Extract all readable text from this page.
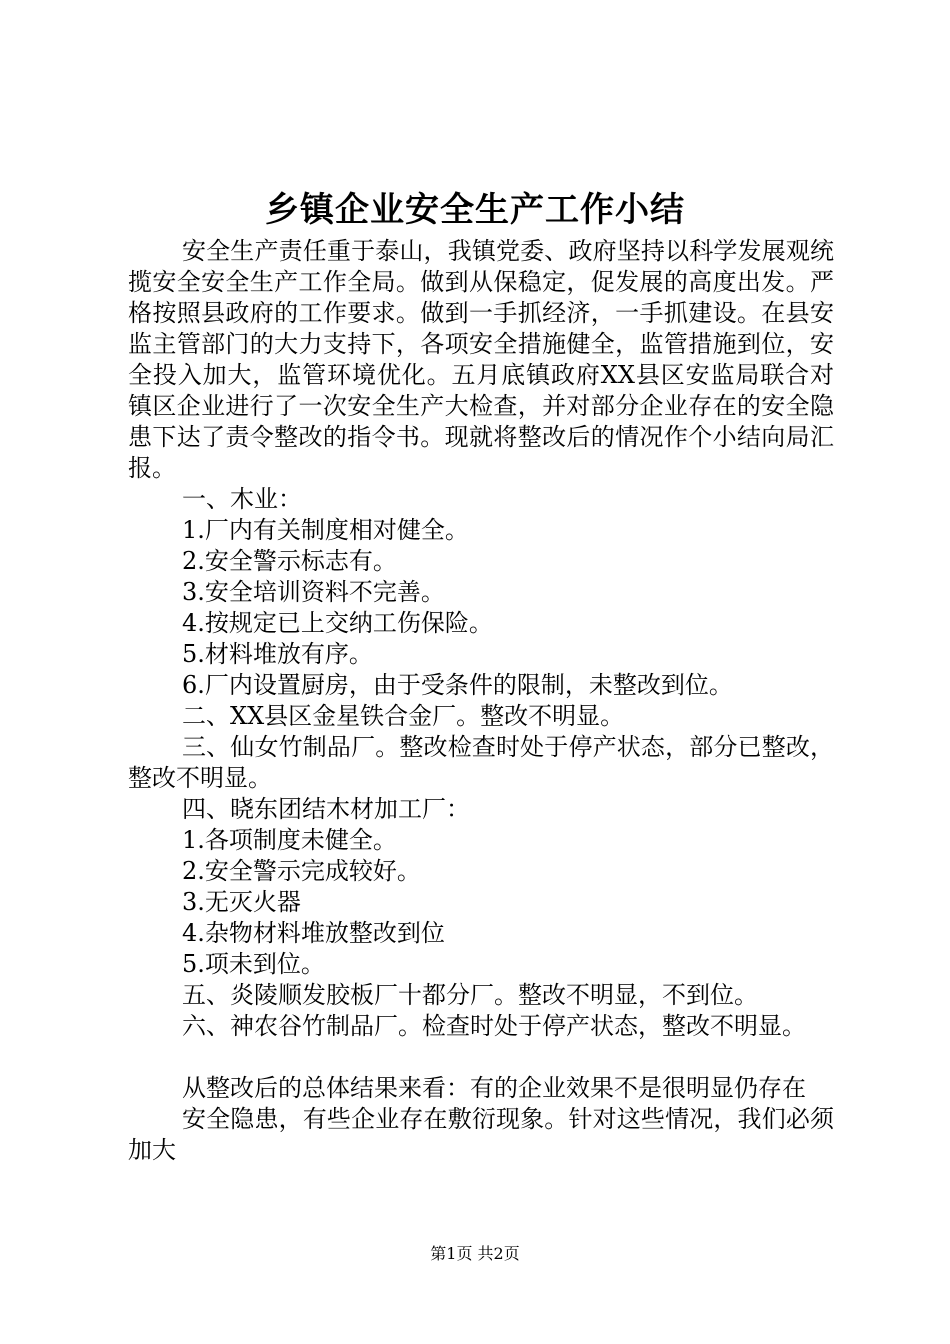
乡镇企业安全生产工作小结

安全生产责任重于泰山，我镇党委、政府坚持以科学发展观统揽安全安全生产工作全局。做到从保稳定，促发展的高度出发。严格按照县政府的工作要求。做到一手抓经济，一手抓建设。在县安监主管部门的大力支持下，各项安全措施健全，监管措施到位，安全投入加大，监管环境优化。五月底镇政府XX县区安监局联合对镇区企业进行了一次安全生产大检查，并对部分企业存在的安全隐患下达了责令整改的指令书。现就将整改后的情况作个小结向局汇报。

一、木业：

1.厂内有关制度相对健全。

2.安全警示标志有。

3.安全培训资料不完善。

4.按规定已上交纳工伤保险。

5.材料堆放有序。

6.厂内设置厨房，由于受条件的限制，未整改到位。

二、XX县区金星铁合金厂。整改不明显。

三、仙女竹制品厂。整改检查时处于停产状态，部分已整改，整改不明显。

四、晓东团结木材加工厂：

1.各项制度未健全。

2.安全警示完成较好。

3.无灭火器

4.杂物材料堆放整改到位

5.项未到位。

五、炎陵顺发胶板厂十都分厂。整改不明显，不到位。

六、神农谷竹制品厂。检查时处于停产状态，整改不明显。

从整改后的总体结果来看：有的企业效果不是很明显仍存在

安全隐患，有些企业存在敷衍现象。针对这些情况，我们必须加大

第1页 共2页
